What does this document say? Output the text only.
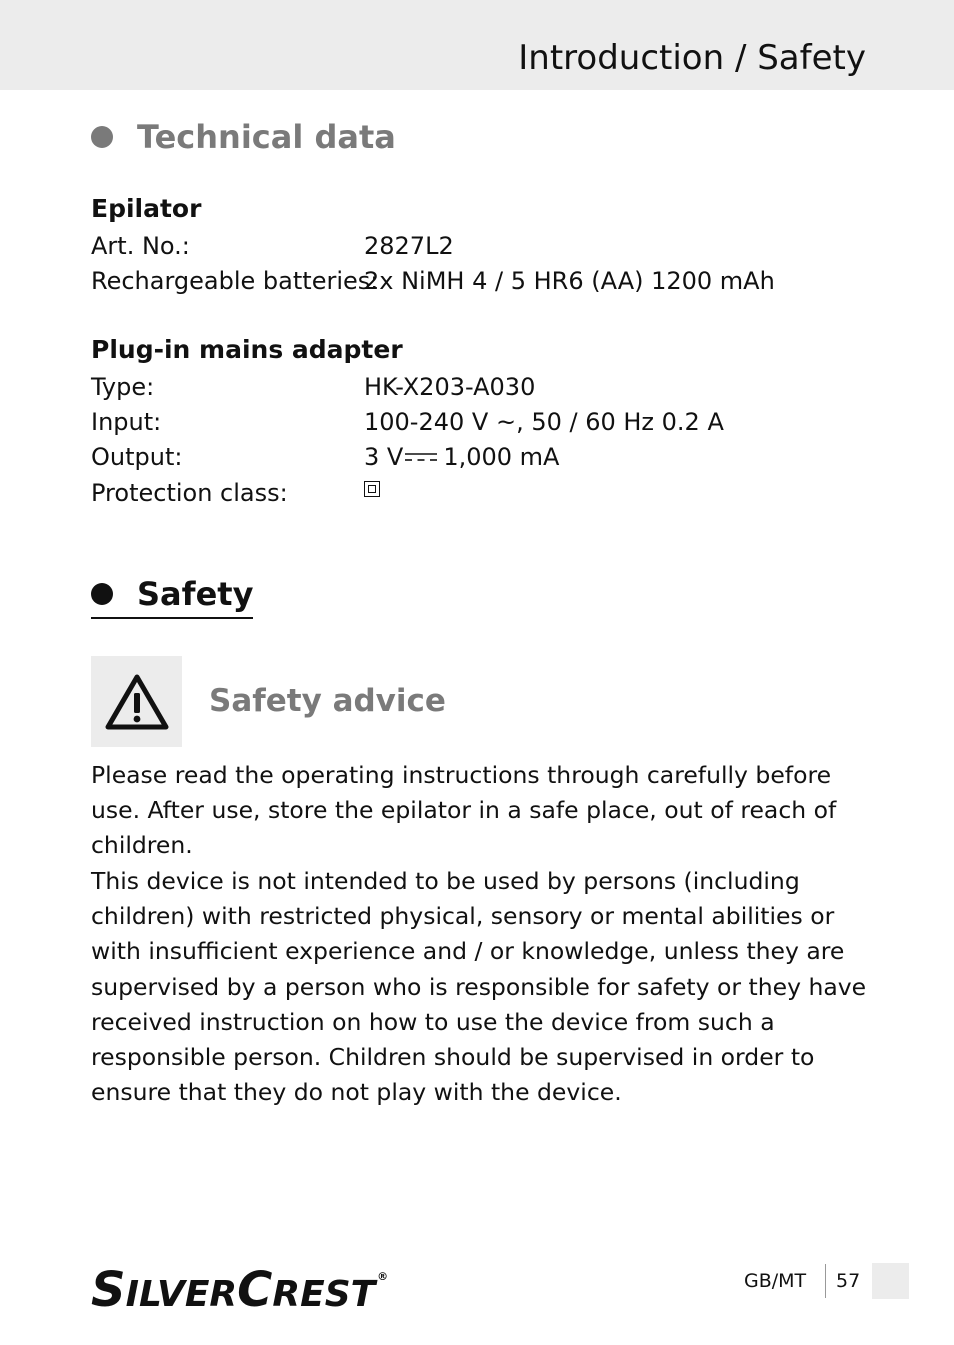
Introduction / Safety
Technical data
Epilator
Art. No.:	2827L2
Rechargeable batteries:
2x NiMH 4 / 5 HR6 (AA) 1200 mAh
Plug-in mains adapter
Type:	HK-X203-A030
Input:	100-240 V ~, 50 / 60 Hz 0.2 A
Output:	3 V 1,000 mA
Protection class:
Safety
Safety advice
Please read the operating instructions through carefully before use. After use, store the epilator in a safe place, out of reach of children.
This device is not intended to be used by persons (including children) with restricted physical, sensory or mental abilities or with insufficient experience and / or knowledge, unless they are supervised by a person who is responsible for safety or they have received instruction on how to use the device from such a responsible person. Children should be supervised in order to ensure that they do not play with the device.
SILVERCREST ®	GB/MT 57
